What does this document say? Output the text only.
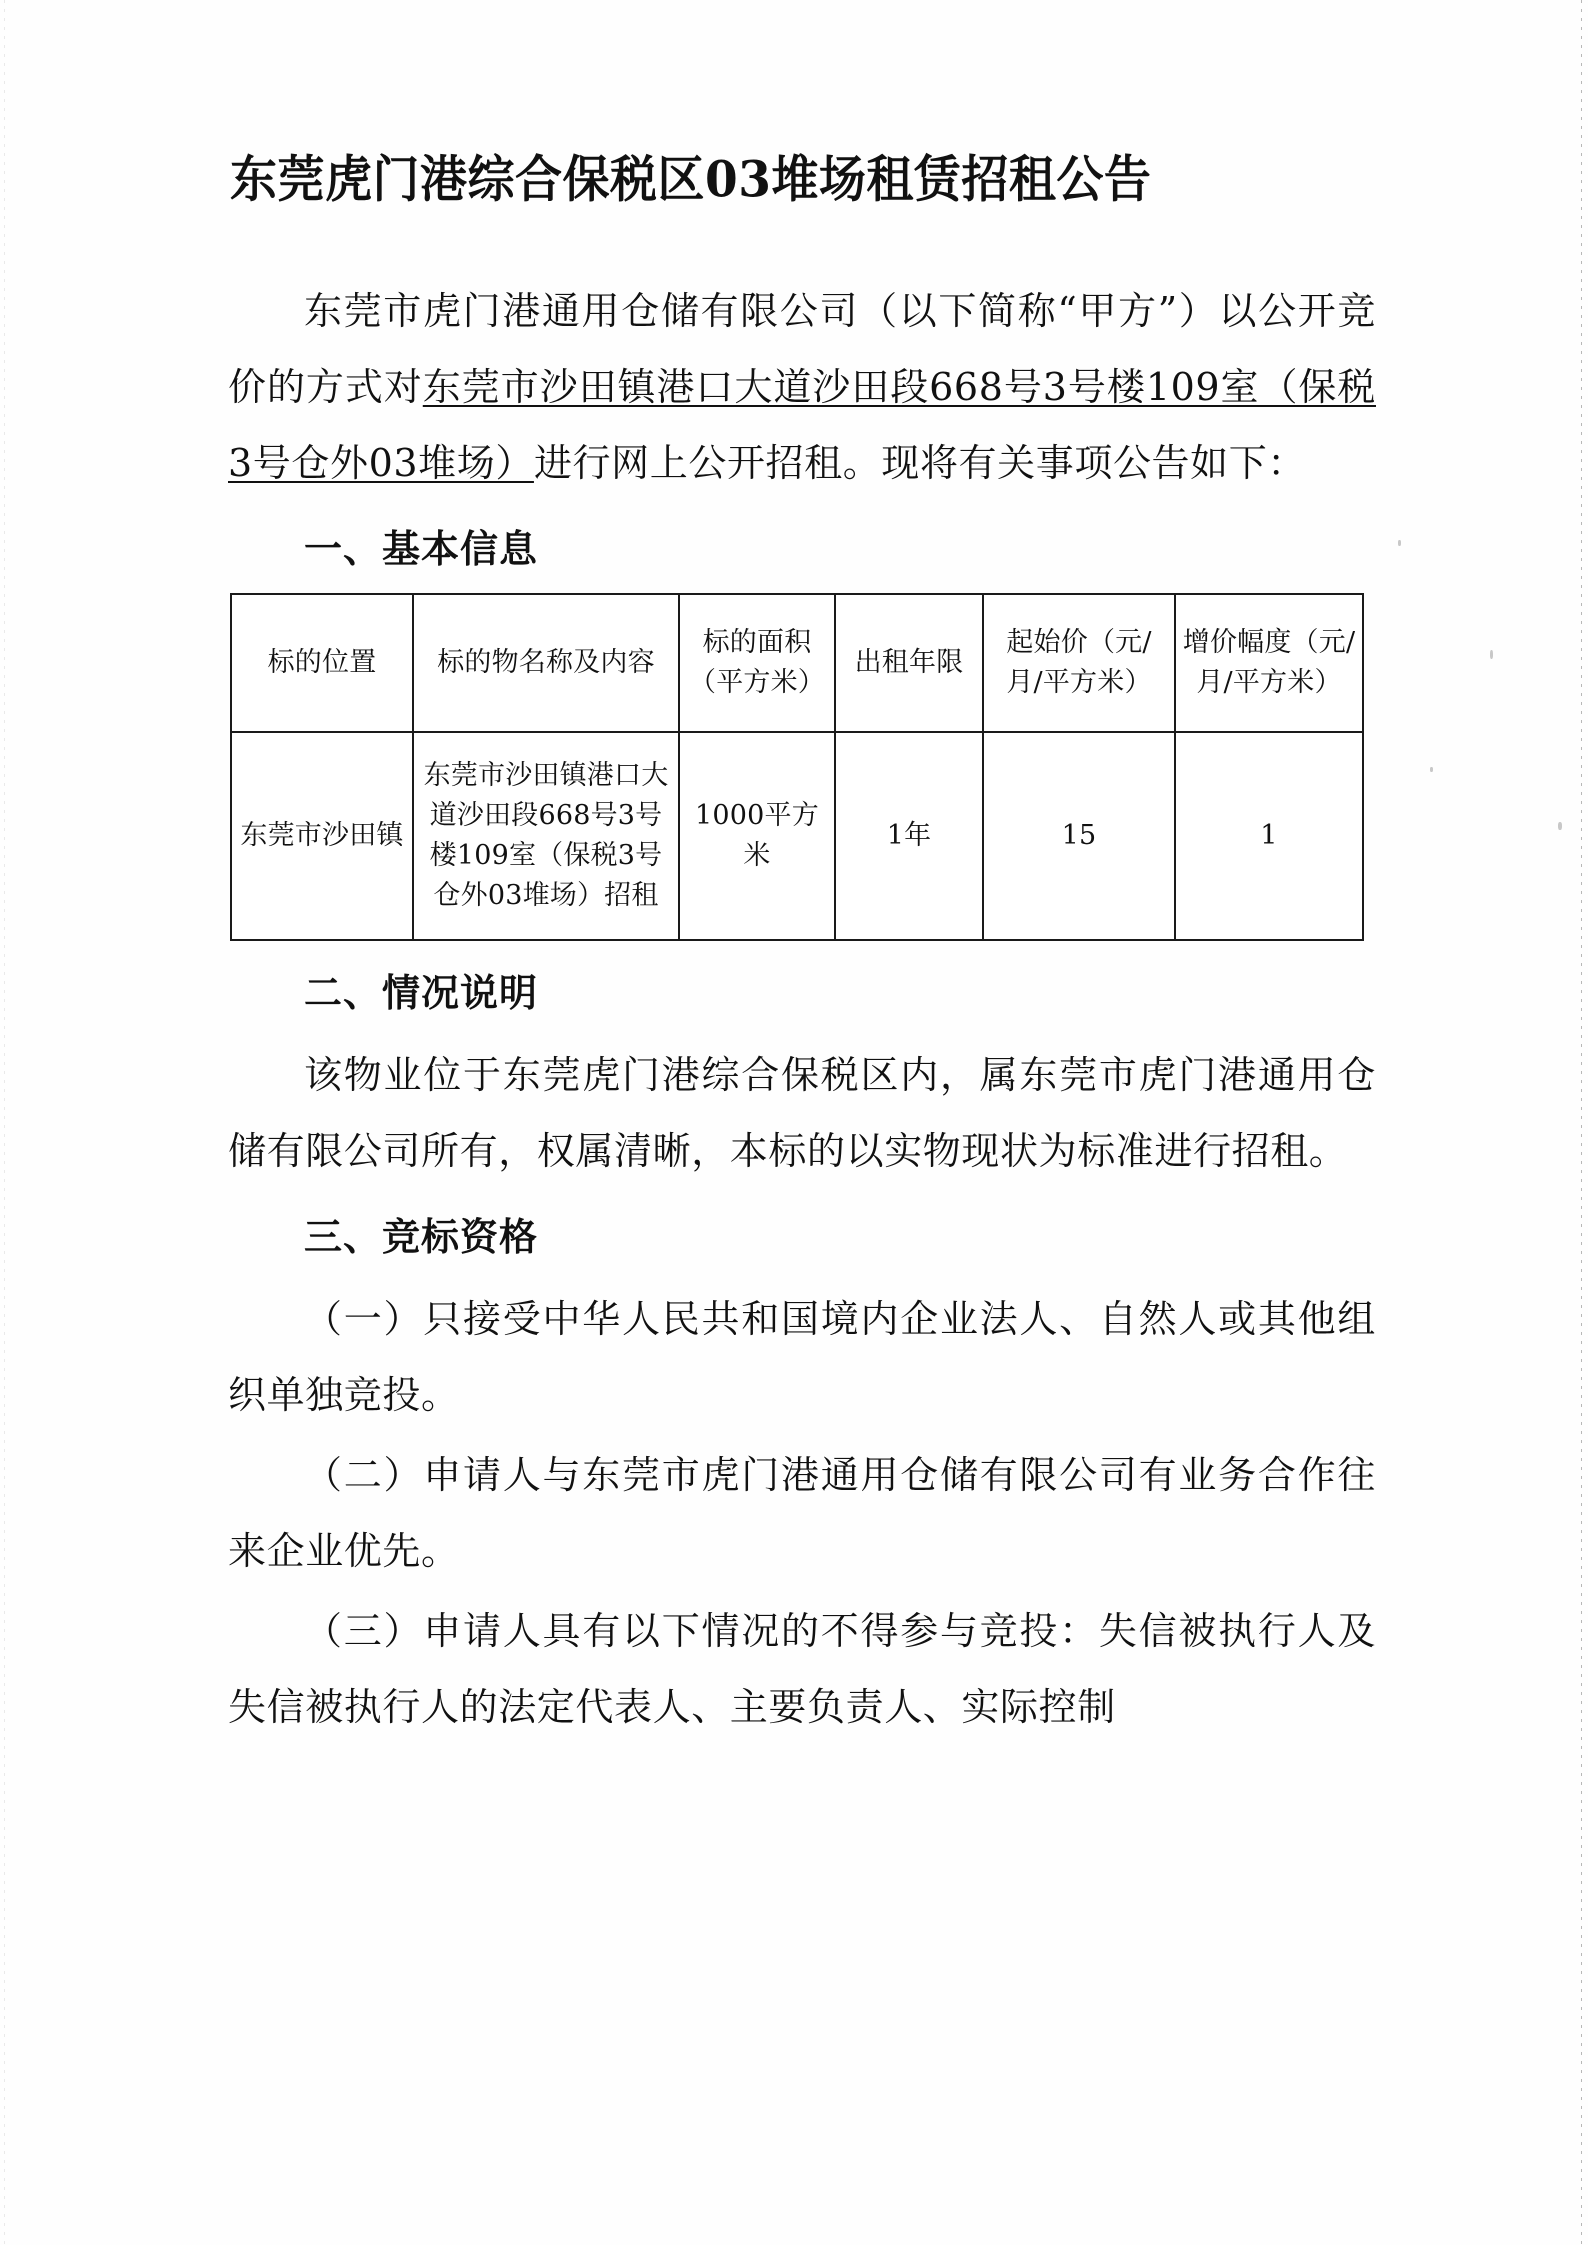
东莞虎门港综合保税区03堆场租赁招租公告

东莞市虎门港通用仓储有限公司（以下简称“甲方”）以公开竞价的方式对东莞市沙田镇港口大道沙田段668号3号楼109室（保税3号仓外03堆场）进行网上公开招租。现将有关事项公告如下：

一、基本信息
标的位置	标的物名称及内容	标的面积（平方米）	出租年限	起始价（元/月/平方米）	增价幅度（元/月/平方米）
东莞市沙田镇	东莞市沙田镇港口大道沙田段668号3号楼109室（保税3号仓外03堆场）招租	1000平方米	1年	15	1
二、情况说明

该物业位于东莞虎门港综合保税区内，属东莞市虎门港通用仓储有限公司所有，权属清晰，本标的以实物现状为标准进行招租。

三、竞标资格

（一）只接受中华人民共和国境内企业法人、自然人或其他组织单独竞投。

（二）申请人与东莞市虎门港通用仓储有限公司有业务合作往来企业优先。

（三）申请人具有以下情况的不得参与竞投：失信被执行人及失信被执行人的法定代表人、主要负责人、实际控制
